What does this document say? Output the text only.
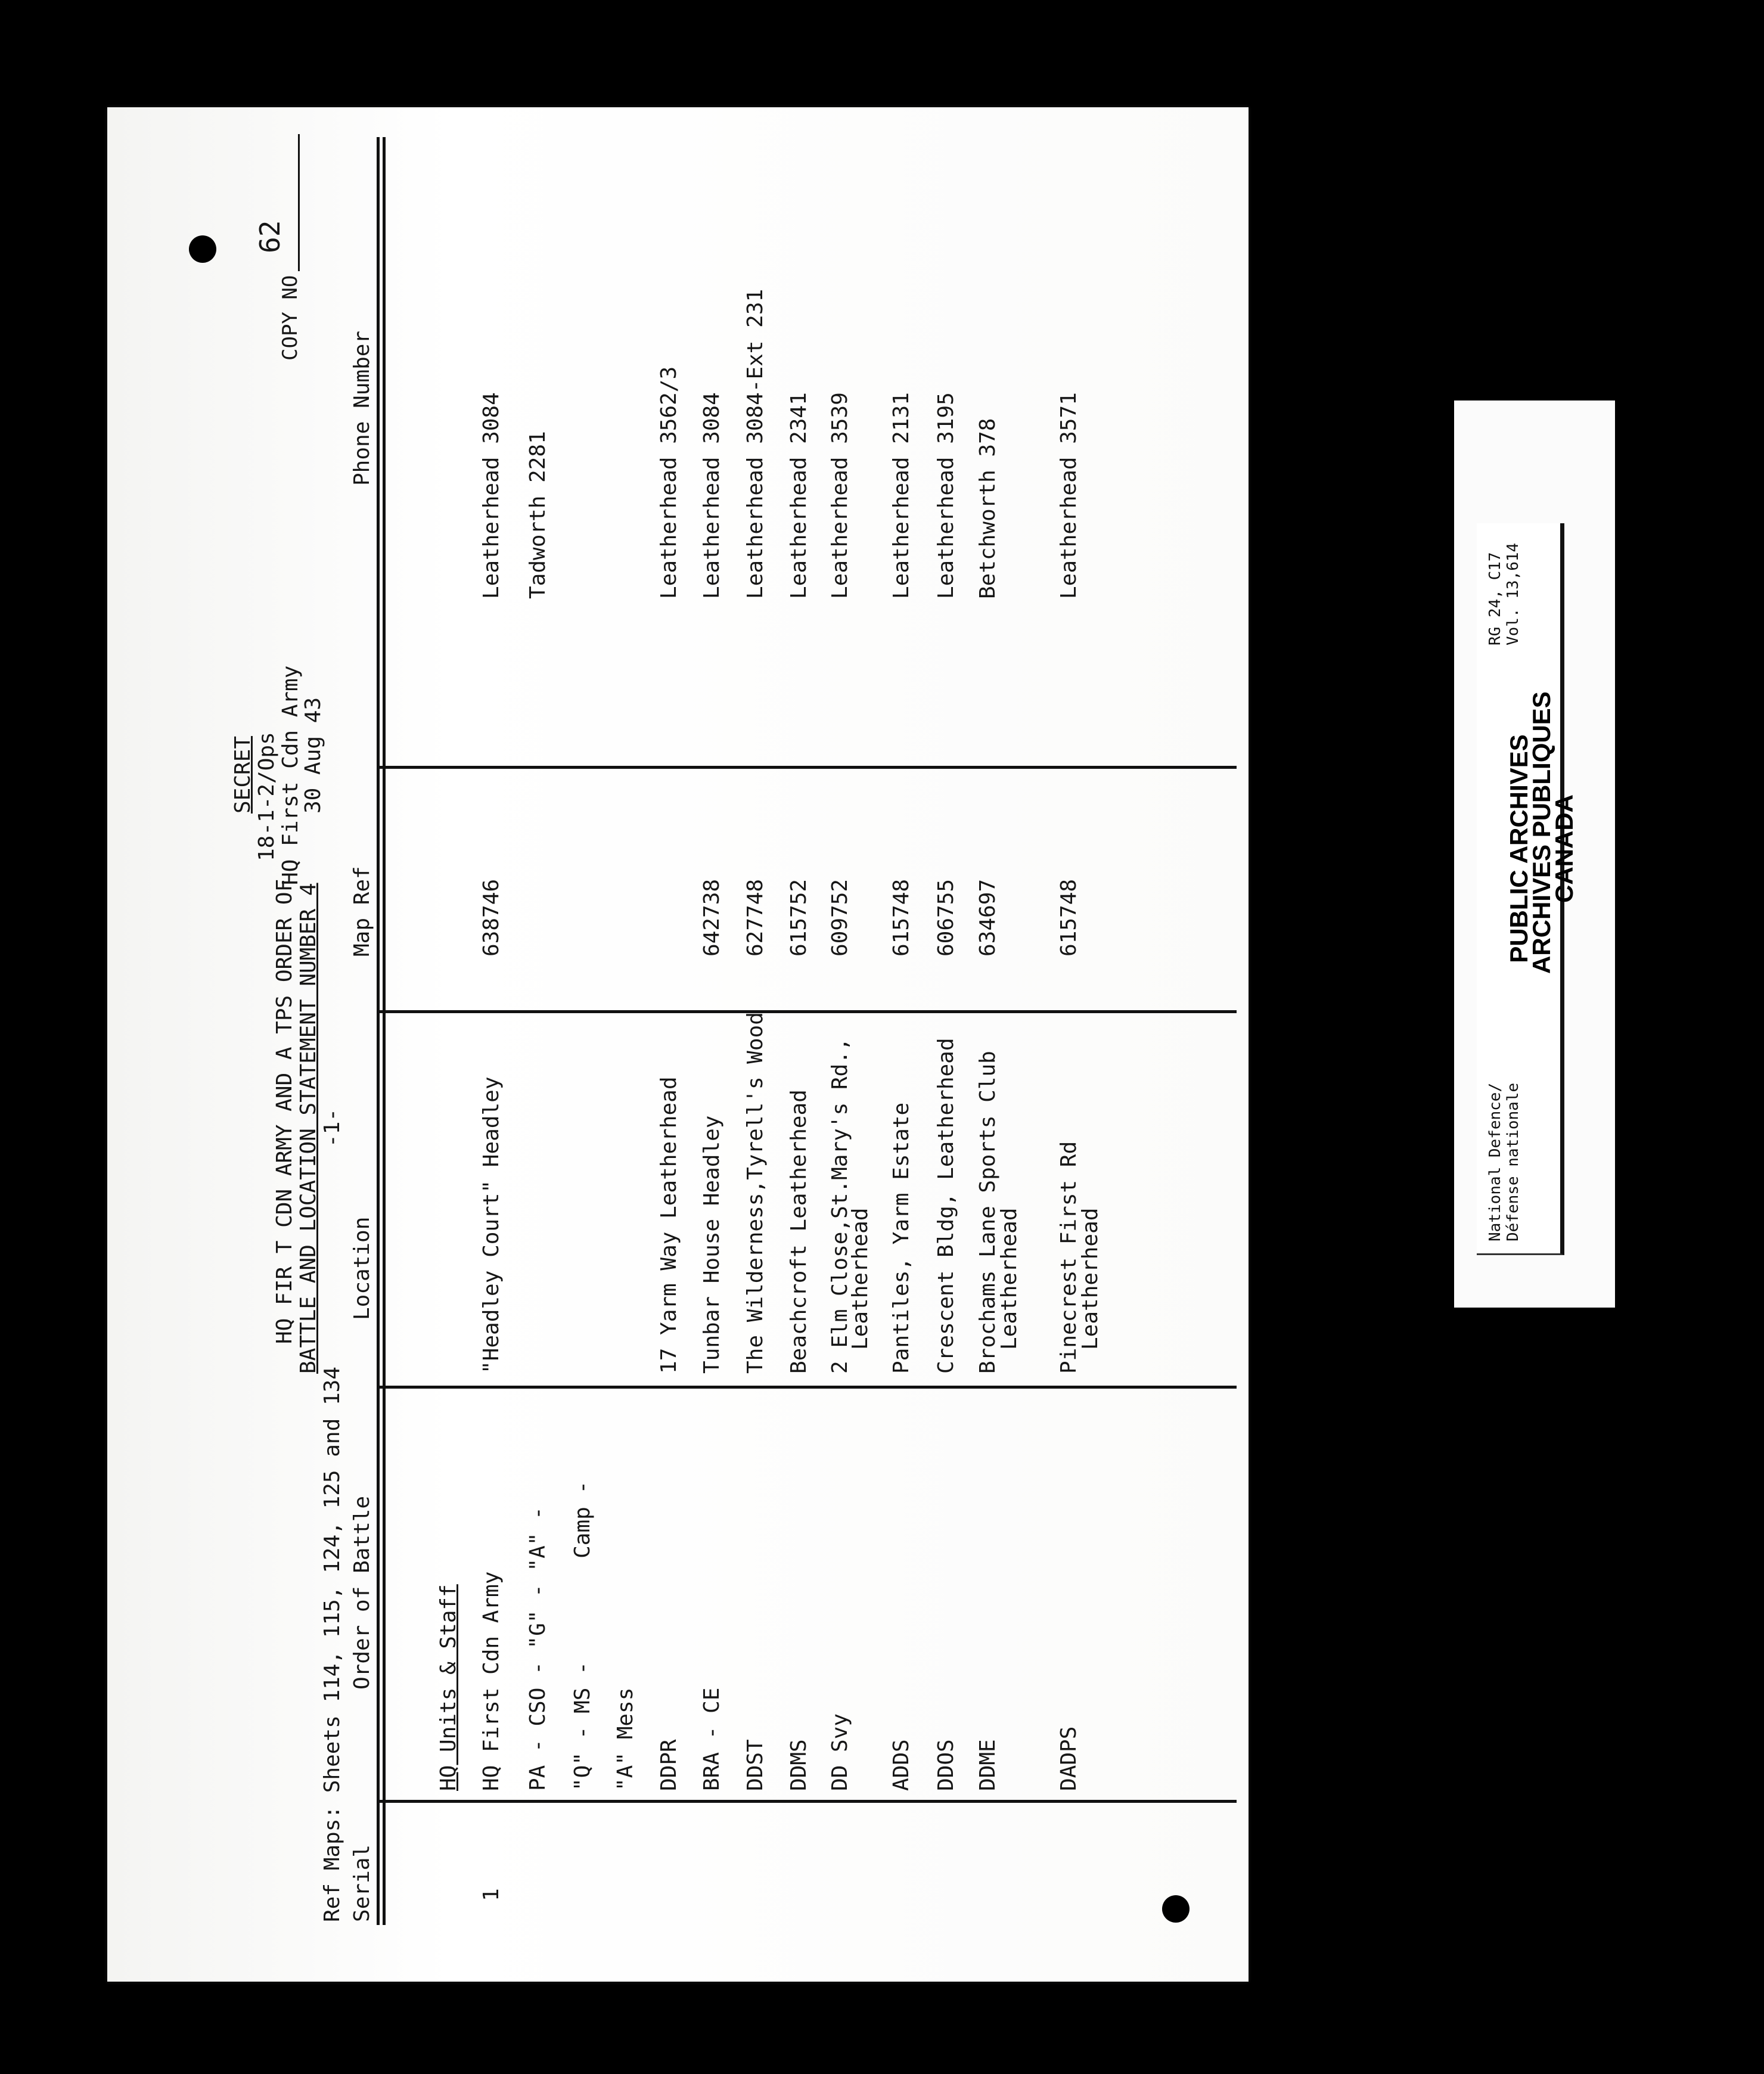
COPY NO
62
HQ FIR T CDN ARMY AND A TPS ORDER OF BATTLE AND LOCATION STATEMENT NUMBER 4
Ref Maps: Sheets 114, 115, 124, 125 and 134
-1-
SECRET 18-1-2/Ops HQ First Cdn Army
30 Aug 43
Serial
Order of Battle
Location
Map Ref
Phone Number
HQ Units & Staff
1
HQ First Cdn Army
"Headley Court" Headley
638746
Leatherhead 3084
PA - CSO - "G" - "A" -
Tadworth 2281
"Q" - MS -        Camp - "A" Mess DDPR
17 Yarm Way Leatherhead
Leatherhead 3562/3
BRA - CE
Tunbar House Headley
642738
Leatherhead 3084
DDST
The Wilderness,Tyrell's Wood
627748
Leatherhead 3084-Ext 231
DDMS
Beachcroft Leatherhead
615752
Leatherhead 2341
DD Svy
2 Elm Close,St.Mary's Rd.,
Leatherhead
609752
Leatherhead 3539
ADDS
Pantiles, Yarm Estate
615748
Leatherhead 2131
DDOS
Crescent Bldg, Leatherhead
606755
Leatherhead 3195
DDME
Brochams Lane Sports Club
Leatherhead
634697
Betchworth 378
DADPS
Pinecrest First Rd
Leatherhead
615748
Leatherhead 3571
National Defence/ Défense nationale
RG 24, C17 Vol. 13,614
PUBLIC ARCHIVES
ARCHIVES PUBLIQUES
CANADA
